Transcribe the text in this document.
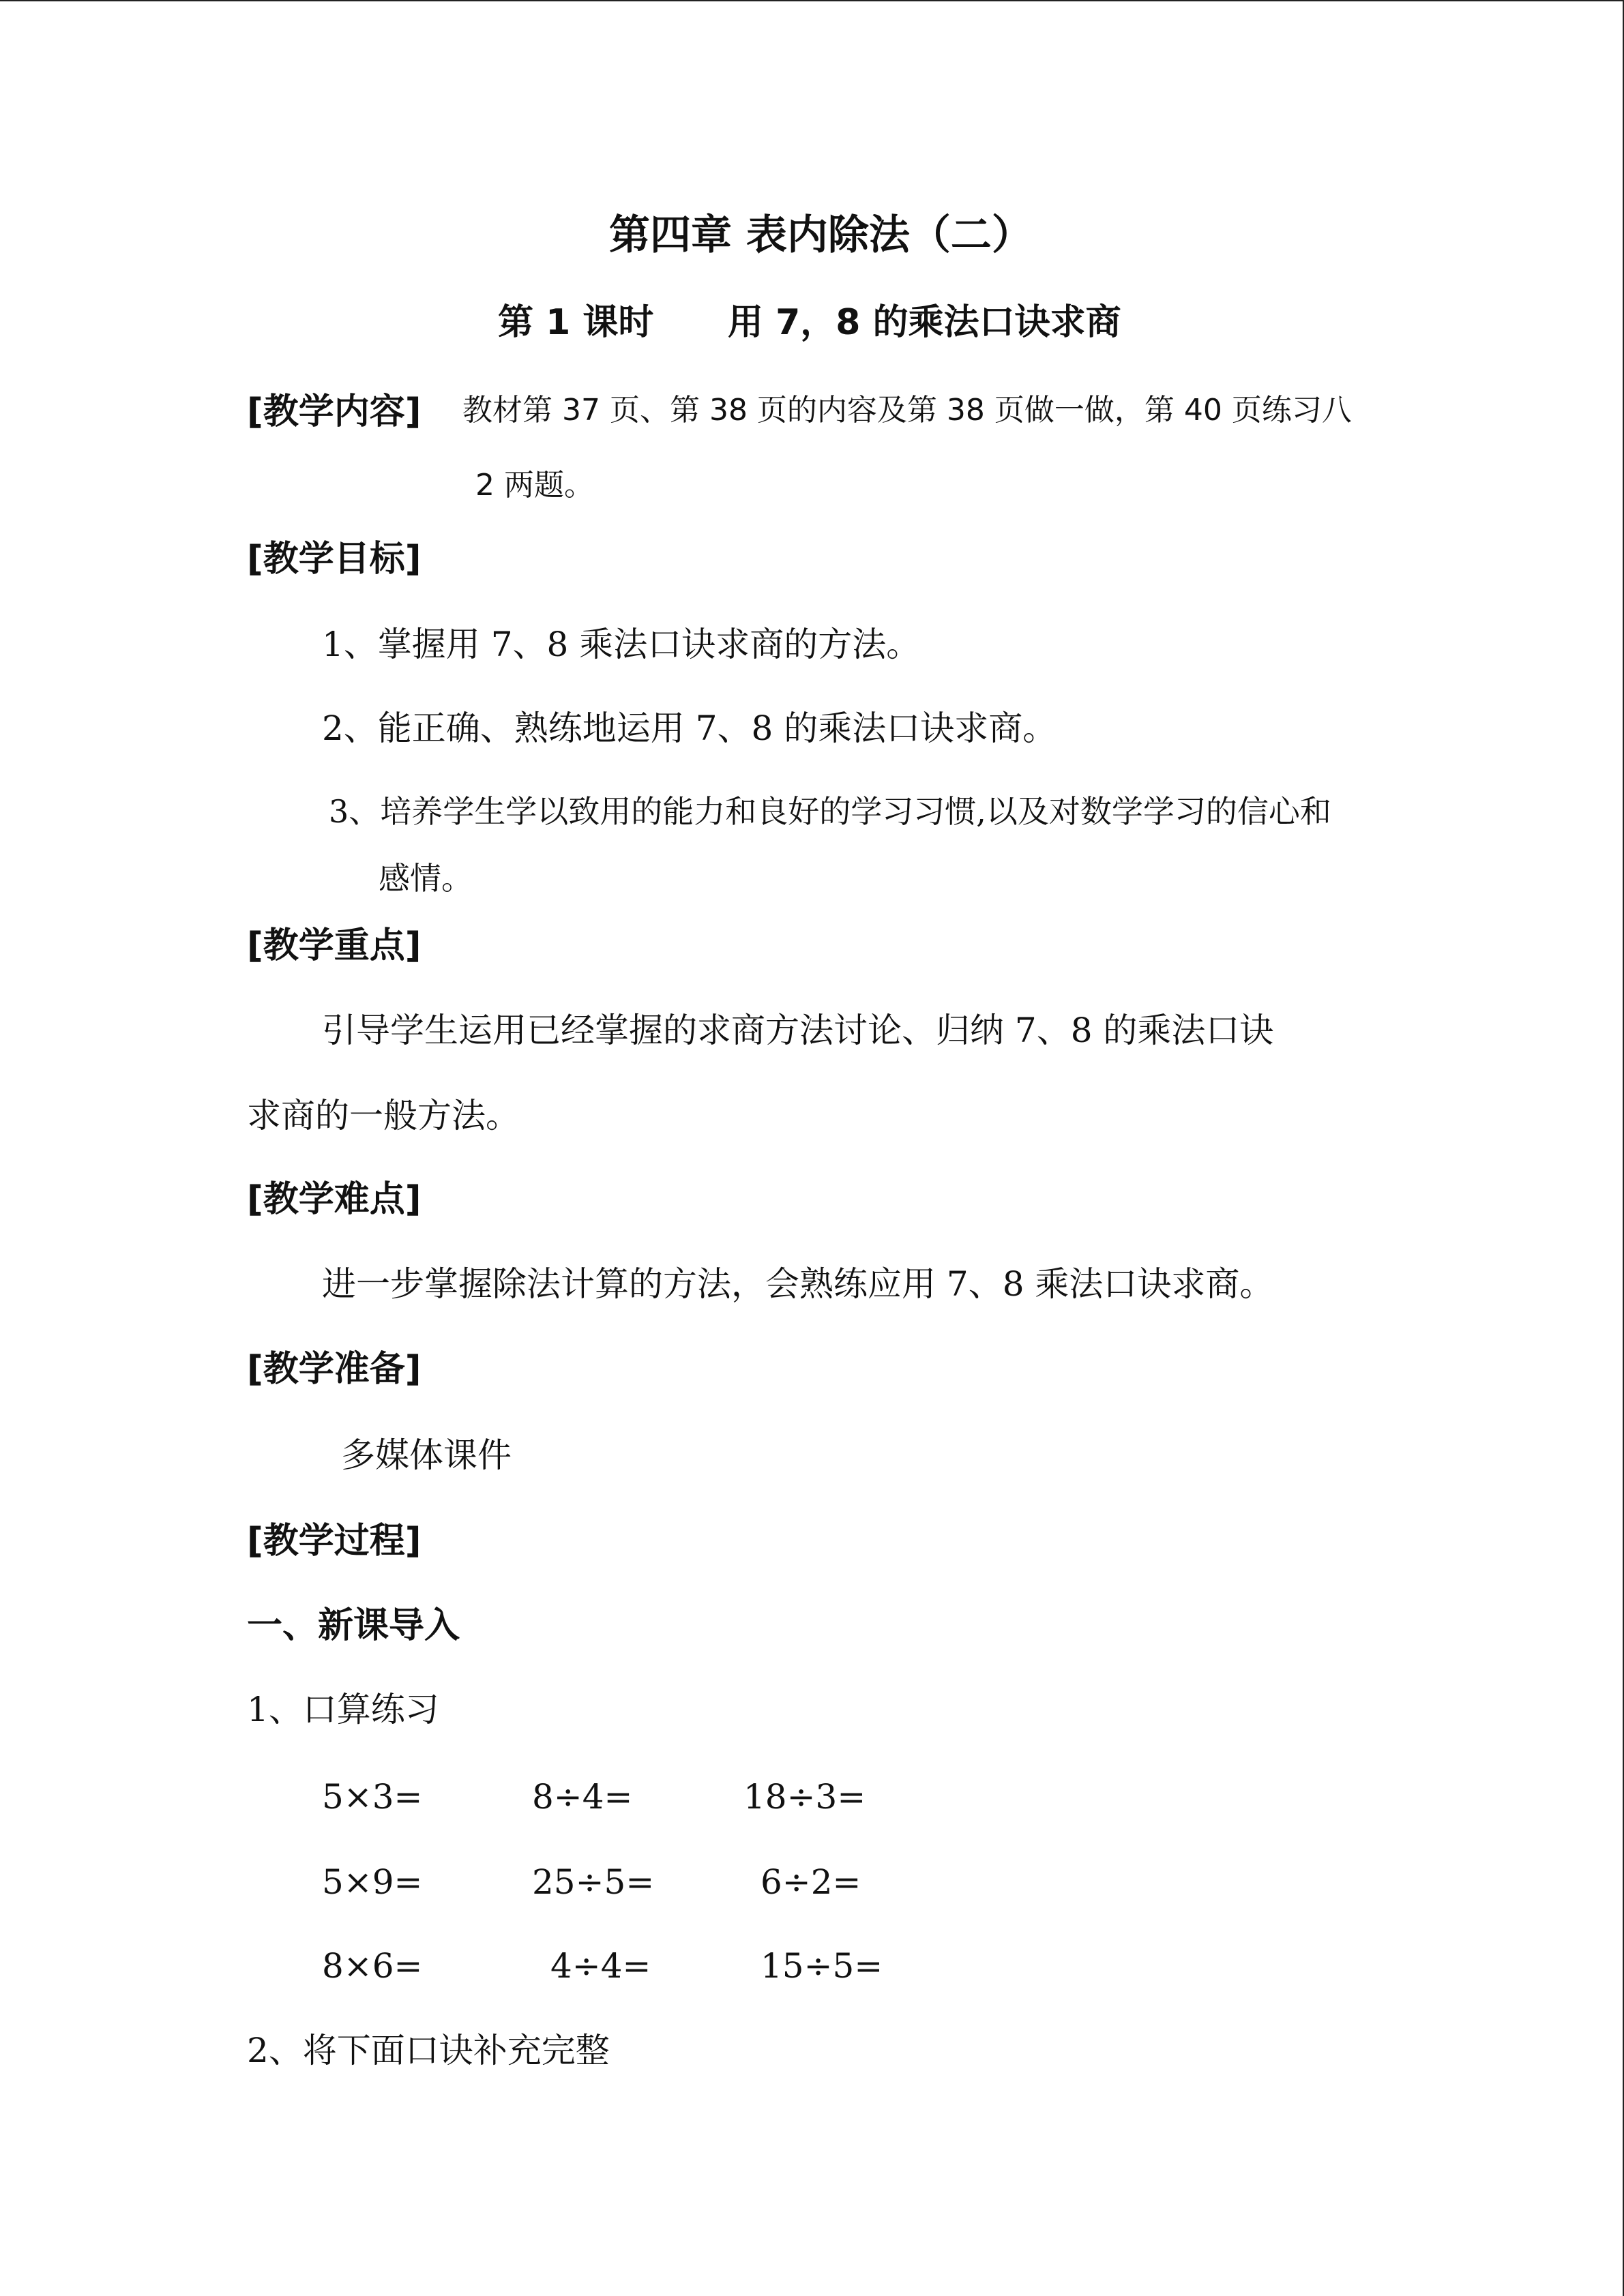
第四章 表内除法（二）
第 1 课时 用 7，8 的乘法口诀求商
[教学内容] 教材第 37 页、第 38 页的内容及第 38 页做一做，第 40 页练习八
2 两题。
[教学目标]
1、掌握用 7、8 乘法口诀求商的方法。
2、能正确、熟练地运用 7、8 的乘法口诀求商。
3、培养学生学以致用的能力和良好的学习习惯,以及对数学学习的信心和
感情。
[教学重点]
引导学生运用已经掌握的求商方法讨论、归纳 7、8 的乘法口诀
求商的一般方法。
[教学难点]
进一步掌握除法计算的方法，会熟练应用 7、8 乘法口诀求商。
[教学准备]
多媒体课件
[教学过程]
一、新课导入
1、口算练习
5×3=	8÷4=	18÷3=
5×9=	25÷5=	6÷2=
8×6=	4÷4=	15÷5=
2、将下面口诀补充完整
